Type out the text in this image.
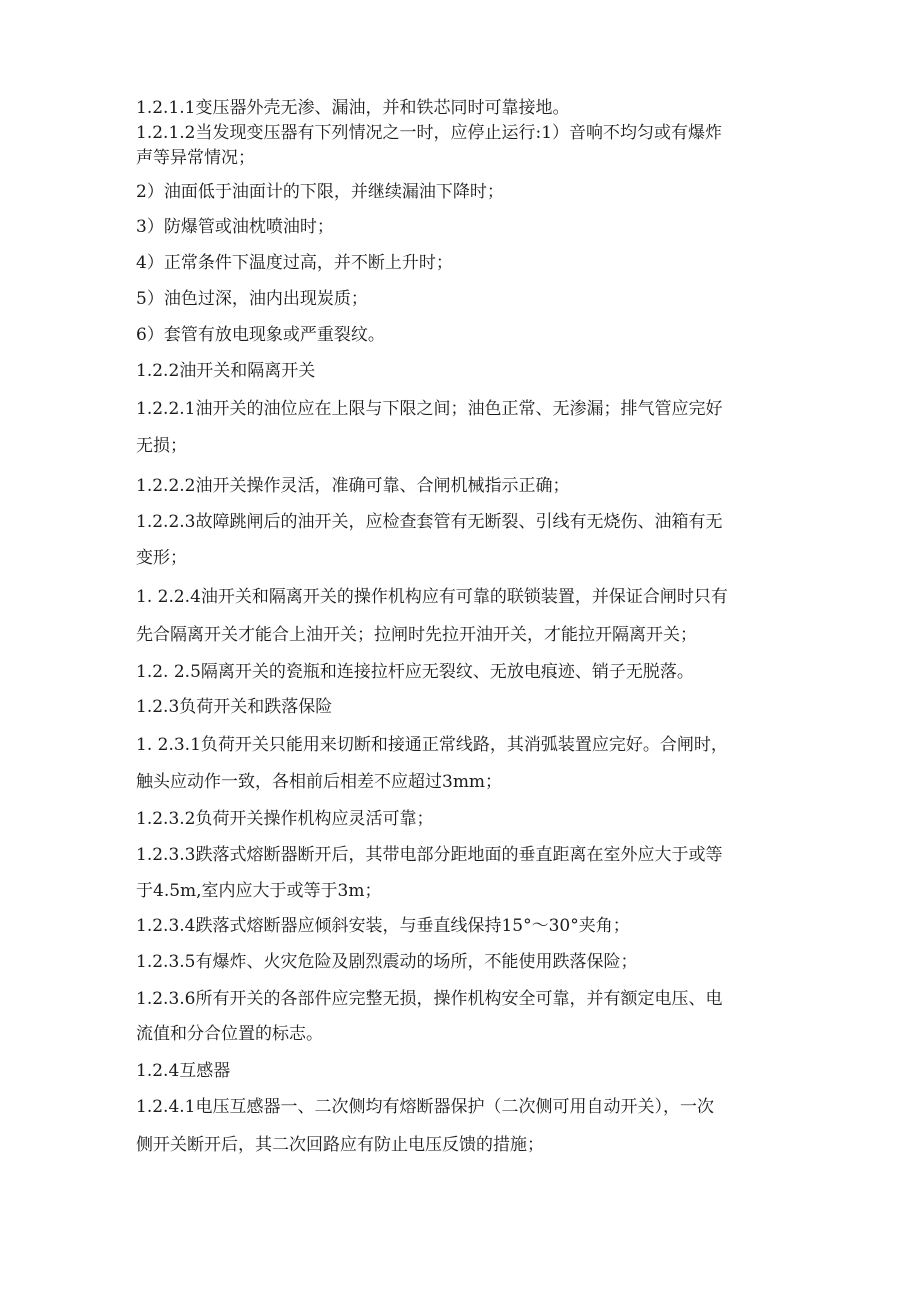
1.2.1.1变压器外壳无渗、漏油，并和铁芯同时可靠接地。
1.2.1.2当发现变压器有下列情况之一时，应停止运行:1）音响不均匀或有爆炸
声等异常情况；
2）油面低于油面计的下限，并继续漏油下降时；
3）防爆管或油枕喷油时；
4）正常条件下温度过高，并不断上升时；
5）油色过深，油内出现炭质；
6）套管有放电现象或严重裂纹。
1.2.2油开关和隔离开关
1.2.2.1油开关的油位应在上限与下限之间；油色正常、无渗漏；排气管应完好
无损；
1.2.2.2油开关操作灵活，准确可靠、合闸机械指示正确；
1.2.2.3故障跳闸后的油开关，应检查套管有无断裂、引线有无烧伤、油箱有无
变形；
1. 2.2.4油开关和隔离开关的操作机构应有可靠的联锁装置，并保证合闸时只有
先合隔离开关才能合上油开关；拉闸时先拉开油开关，才能拉开隔离开关；
1.2. 2.5隔离开关的瓷瓶和连接拉杆应无裂纹、无放电痕迹、销子无脱落。
1.2.3负荷开关和跌落保险
1. 2.3.1负荷开关只能用来切断和接通正常线路，其消弧装置应完好。合闸时，
触头应动作一致，各相前后相差不应超过3mm；
1.2.3.2负荷开关操作机构应灵活可靠；
1.2.3.3跌落式熔断器断开后，其带电部分距地面的垂直距离在室外应大于或等
于4.5m,室内应大于或等于3m；
1.2.3.4跌落式熔断器应倾斜安装，与垂直线保持15°～30°夹角；
1.2.3.5有爆炸、火灾危险及剧烈震动的场所，不能使用跌落保险；
1.2.3.6所有开关的各部件应完整无损，操作机构安全可靠，并有额定电压、电
流值和分合位置的标志。
1.2.4互感器
1.2.4.1电压互感器一、二次侧均有熔断器保护（二次侧可用自动开关），一次
侧开关断开后，其二次回路应有防止电压反馈的措施；
